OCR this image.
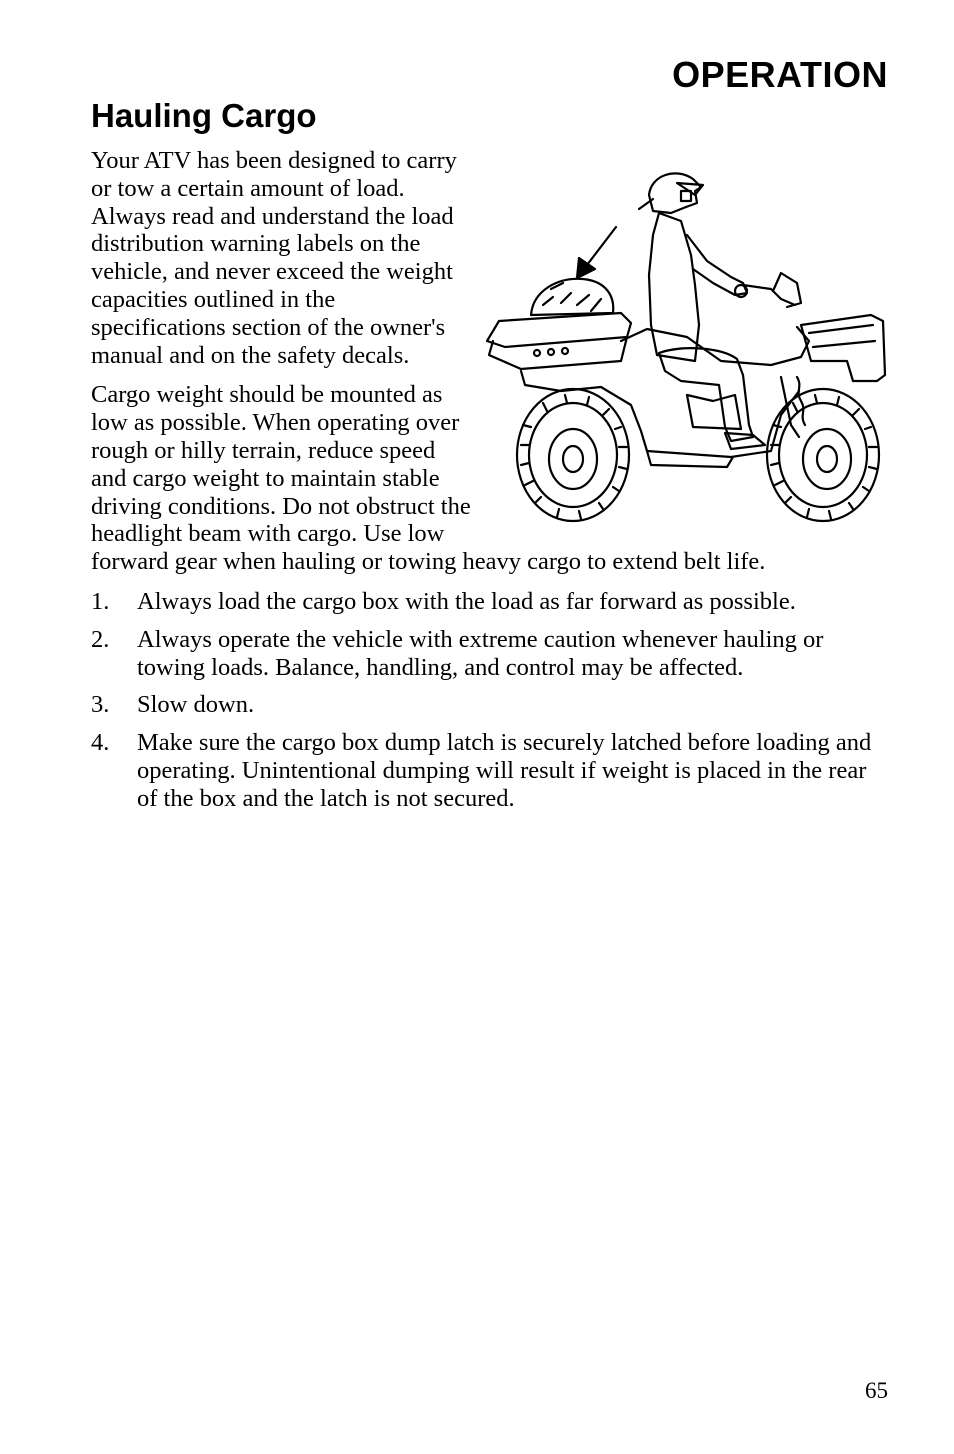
OPERATION
Hauling Cargo

Your ATV has been designed to carry or tow a certain amount of load. Always read and understand the load distribution warning labels on the vehicle, and never exceed the weight capacities outlined in the specifications section of the owner's manual and on the safety decals.

Cargo weight should be mounted as low as possible. When operating over rough or hilly terrain, reduce speed and cargo weight to maintain stable driving conditions. Do not obstruct the headlight beam with cargo. Use low forward gear when hauling or towing heavy cargo to extend belt life.

1. Always load the cargo box with the load as far forward as possible.
2. Always operate the vehicle with extreme caution whenever hauling or towing loads. Balance, handling, and control may be affected.
3. Slow down.
4. Make sure the cargo box dump latch is securely latched before loading and operating. Unintentional dumping will result if weight is placed in the rear of the box and the latch is not secured.
65
